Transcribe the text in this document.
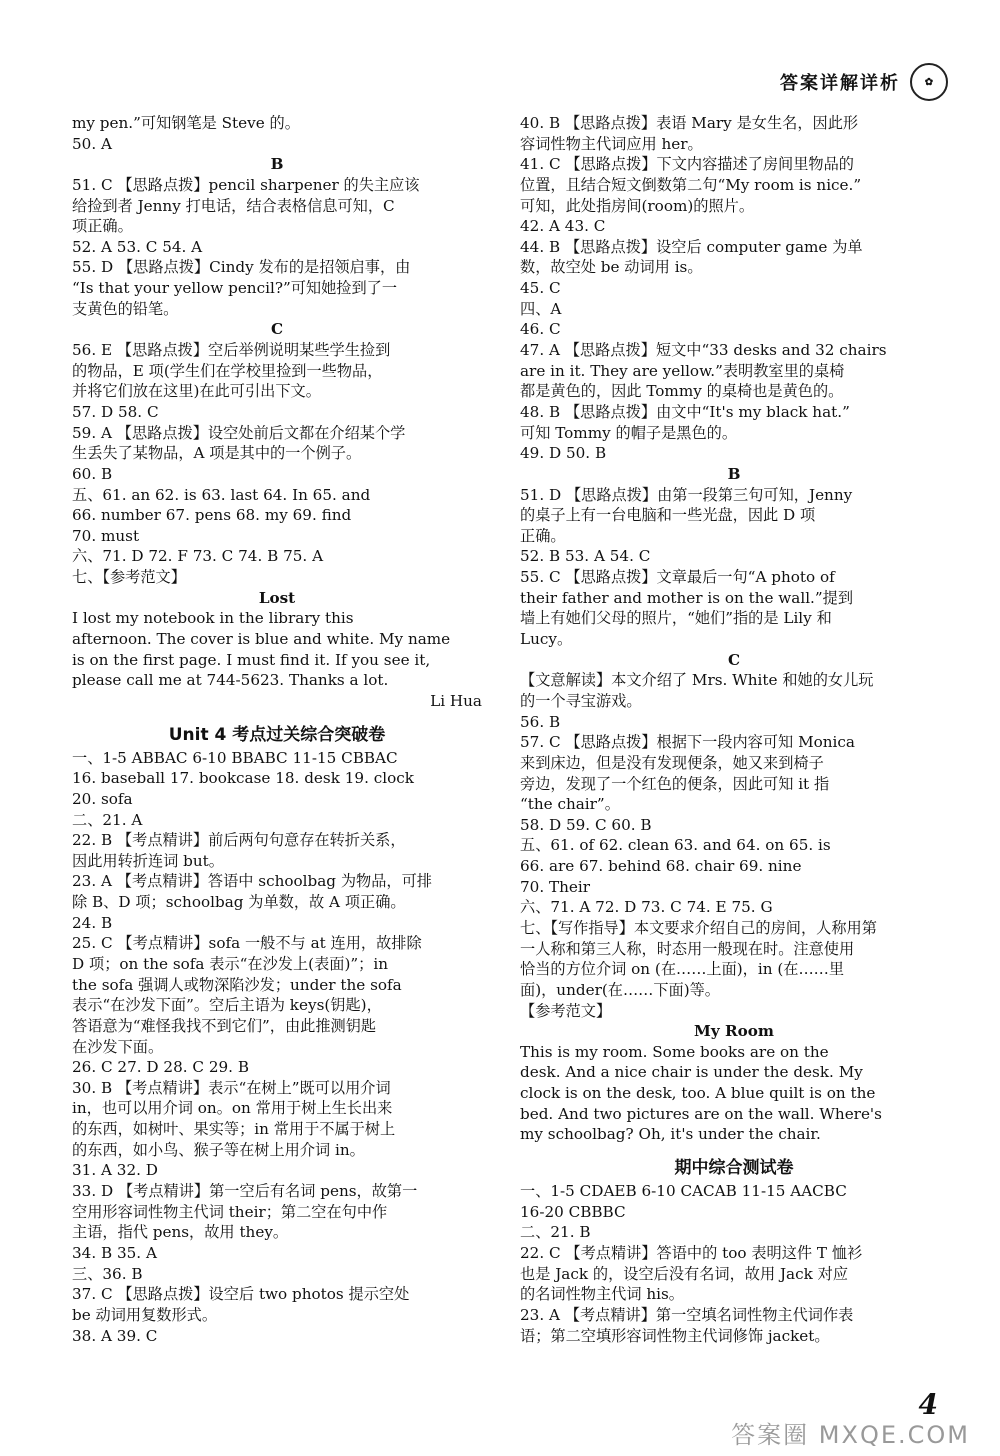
答案详解详析	✿
my pen.”可知钢笔是 Steve 的。
50. A
B
51. C 【思路点拨】pencil sharpener 的失主应该
给捡到者 Jenny 打电话，结合表格信息可知，C
项正确。
52. A 53. C 54. A
55. D 【思路点拨】Cindy 发布的是招领启事，由
“Is that your yellow pencil?”可知她捡到了一
支黄色的铅笔。
C
56. E 【思路点拨】空后举例说明某些学生捡到
的物品，E 项(学生们在学校里捡到一些物品，
并将它们放在这里)在此可引出下文。
57. D 58. C
59. A 【思路点拨】设空处前后文都在介绍某个学
生丢失了某物品，A 项是其中的一个例子。
60. B
五、61. an 62. is 63. last 64. In 65. and
66. number 67. pens 68. my 69. find
70. must
六、71. D 72. F 73. C 74. B 75. A
七、【参考范文】
Lost
I lost my notebook in the library this
afternoon. The cover is blue and white. My name
is on the first page. I must find it. If you see it,
please call me at 744-5623. Thanks a lot.
Li Hua
Unit 4 考点过关综合突破卷
一、1-5 ABBAC 6-10 BBABC 11-15 CBBAC
16. baseball 17. bookcase 18. desk 19. clock
20. sofa
二、21. A
22. B 【考点精讲】前后两句句意存在转折关系，
因此用转折连词 but。
23. A 【考点精讲】答语中 schoolbag 为物品，可排
除 B、D 项；schoolbag 为单数，故 A 项正确。
24. B
25. C 【考点精讲】sofa 一般不与 at 连用，故排除
D 项；on the sofa 表示“在沙发上(表面)”；in
the sofa 强调人或物深陷沙发；under the sofa
表示“在沙发下面”。空后主语为 keys(钥匙)，
答语意为“难怪我找不到它们”，由此推测钥匙
在沙发下面。
26. C 27. D 28. C 29. B
30. B 【考点精讲】表示“在树上”既可以用介词
in，也可以用介词 on。on 常用于树上生长出来
的东西，如树叶、果实等；in 常用于不属于树上
的东西，如小鸟、猴子等在树上用介词 in。
31. A 32. D
33. D 【考点精讲】第一空后有名词 pens，故第一
空用形容词性物主代词 their；第二空在句中作
主语，指代 pens，故用 they。
34. B 35. A
三、36. B
37. C 【思路点拨】设空后 two photos 提示空处
be 动词用复数形式。
38. A 39. C
40. B 【思路点拨】表语 Mary 是女生名，因此形
容词性物主代词应用 her。
41. C 【思路点拨】下文内容描述了房间里物品的
位置，且结合短文倒数第二句“My room is nice.”
可知，此处指房间(room)的照片。
42. A 43. C
44. B 【思路点拨】设空后 computer game 为单
数，故空处 be 动词用 is。
45. C
四、A
46. C
47. A 【思路点拨】短文中“33 desks and 32 chairs
are in it. They are yellow.”表明教室里的桌椅
都是黄色的，因此 Tommy 的桌椅也是黄色的。
48. B 【思路点拨】由文中“It's my black hat.”
可知 Tommy 的帽子是黑色的。
49. D 50. B
B
51. D 【思路点拨】由第一段第三句可知，Jenny
的桌子上有一台电脑和一些光盘，因此 D 项
正确。
52. B 53. A 54. C
55. C 【思路点拨】文章最后一句“A photo of
their father and mother is on the wall.”提到
墙上有她们父母的照片，“她们”指的是 Lily 和
Lucy。
C
【文意解读】本文介绍了 Mrs. White 和她的女儿玩
的一个寻宝游戏。
56. B
57. C 【思路点拨】根据下一段内容可知 Monica
来到床边，但是没有发现便条，她又来到椅子
旁边，发现了一个红色的便条，因此可知 it 指
“the chair”。
58. D 59. C 60. B
五、61. of 62. clean 63. and 64. on 65. is
66. are 67. behind 68. chair 69. nine
70. Their
六、71. A 72. D 73. C 74. E 75. G
七、【写作指导】本文要求介绍自己的房间，人称用第
一人称和第三人称，时态用一般现在时。注意使用
恰当的方位介词 on (在……上面)，in (在……里
面)，under(在……下面)等。
【参考范文】
My Room
This is my room. Some books are on the
desk. And a nice chair is under the desk. My
clock is on the desk, too. A blue quilt is on the
bed. And two pictures are on the wall. Where's
my schoolbag? Oh, it's under the chair.
期中综合测试卷
一、1-5 CDAEB 6-10 CACAB 11-15 AACBC
16-20 CBBBC
二、21. B
22. C 【考点精讲】答语中的 too 表明这件 T 恤衫
也是 Jack 的，设空后没有名词，故用 Jack 对应
的名词性物主代词 his。
23. A 【考点精讲】第一空填名词性物主代词作表
语；第二空填形容词性物主代词修饰 jacket。
4
答案圈 MXQE.COM
